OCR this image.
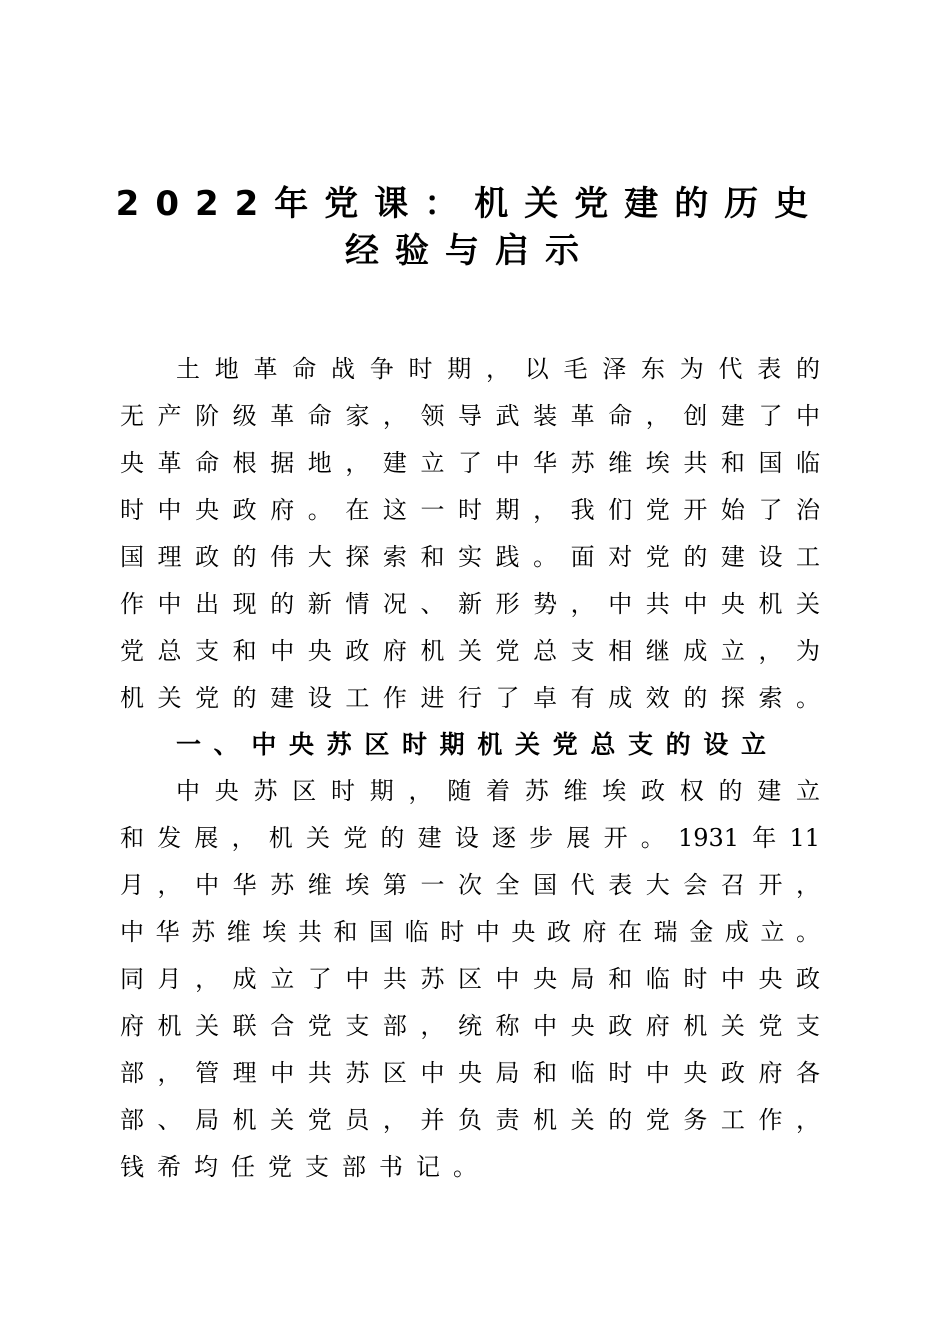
2022年党课：机关党建的历史
经验与启示
土地革命战争时期，以毛泽东为代表的
无产阶级革命家，领导武装革命，创建了中
央革命根据地，建立了中华苏维埃共和国临
时中央政府。在这一时期，我们党开始了治
国理政的伟大探索和实践。面对党的建设工
作中出现的新情况、新形势，中共中央机关
党总支和中央政府机关党总支相继成立，为
机关党的建设工作进行了卓有成效的探索。
一、中央苏区时期机关党总支的设立
中央苏区时期，随着苏维埃政权的建立
和发展，机关党的建设逐步展开。1931年11
月，中华苏维埃第一次全国代表大会召开，
中华苏维埃共和国临时中央政府在瑞金成立。
同月，成立了中共苏区中央局和临时中央政
府机关联合党支部，统称中央政府机关党支
部，管理中共苏区中央局和临时中央政府各
部、局机关党员，并负责机关的党务工作，
钱希均任党支部书记。
